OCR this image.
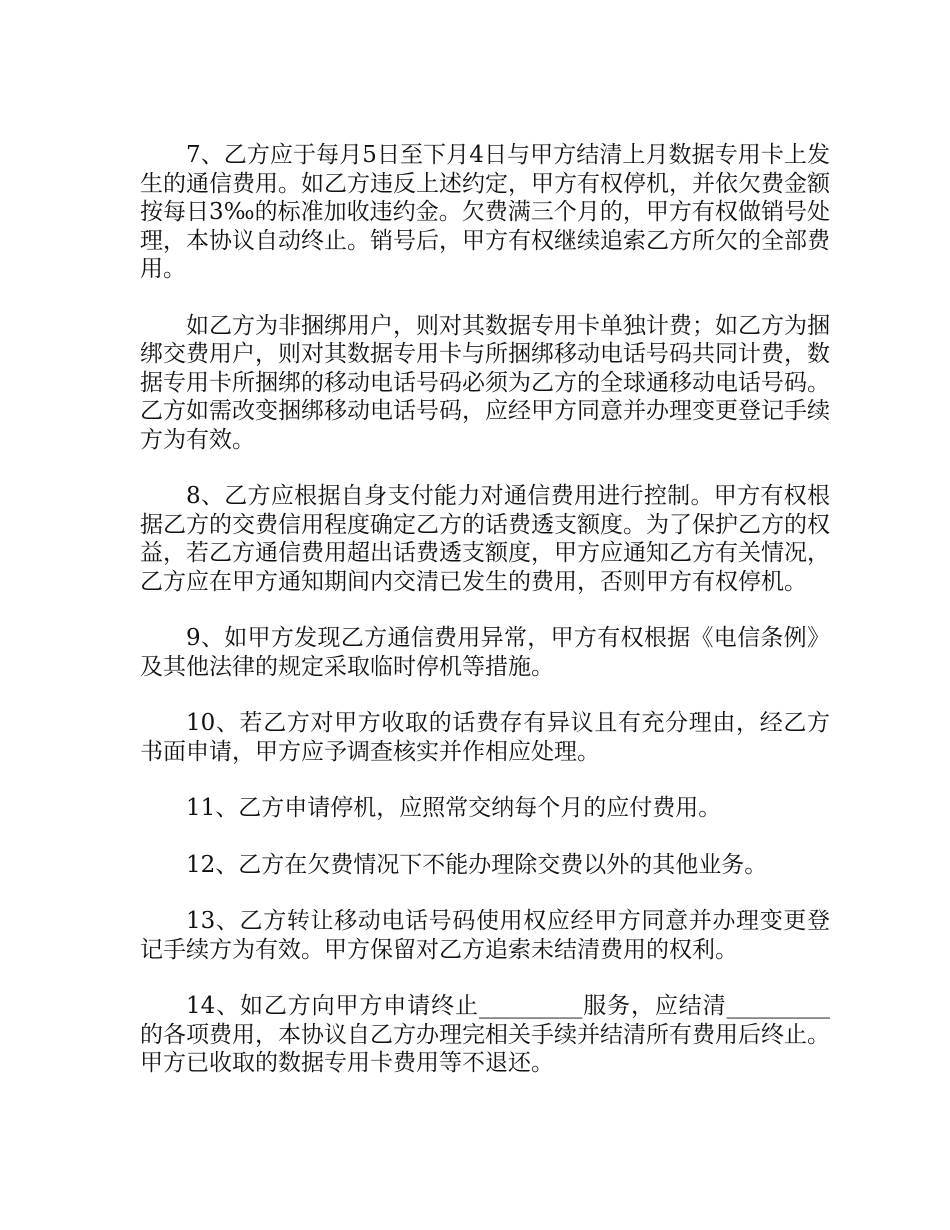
7、乙方应于每月5日至下月4日与甲方结清上月数据专用卡上发生的通信费用。如乙方违反上述约定，甲方有权停机，并依欠费金额按每日3‰的标准加收违约金。欠费满三个月的，甲方有权做销号处理，本协议自动终止。销号后，甲方有权继续追索乙方所欠的全部费用。

如乙方为非捆绑用户，则对其数据专用卡单独计费；如乙方为捆绑交费用户，则对其数据专用卡与所捆绑移动电话号码共同计费，数据专用卡所捆绑的移动电话号码必须为乙方的全球通移动电话号码。乙方如需改变捆绑移动电话号码，应经甲方同意并办理变更登记手续方为有效。

8、乙方应根据自身支付能力对通信费用进行控制。甲方有权根据乙方的交费信用程度确定乙方的话费透支额度。为了保护乙方的权益，若乙方通信费用超出话费透支额度，甲方应通知乙方有关情况，乙方应在甲方通知期间内交清已发生的费用，否则甲方有权停机。

9、如甲方发现乙方通信费用异常，甲方有权根据《电信条例》及其他法律的规定采取临时停机等措施。

10、若乙方对甲方收取的话费存有异议且有充分理由，经乙方书面申请，甲方应予调查核实并作相应处理。

11、乙方申请停机，应照常交纳每个月的应付费用。

12、乙方在欠费情况下不能办理除交费以外的其他业务。

13、乙方转让移动电话号码使用权应经甲方同意并办理变更登记手续方为有效。甲方保留对乙方追索未结清费用的权利。

14、如乙方向甲方申请终止_________服务，应结清_________的各项费用，本协议自乙方办理完相关手续并结清所有费用后终止。甲方已收取的数据专用卡费用等不退还。
